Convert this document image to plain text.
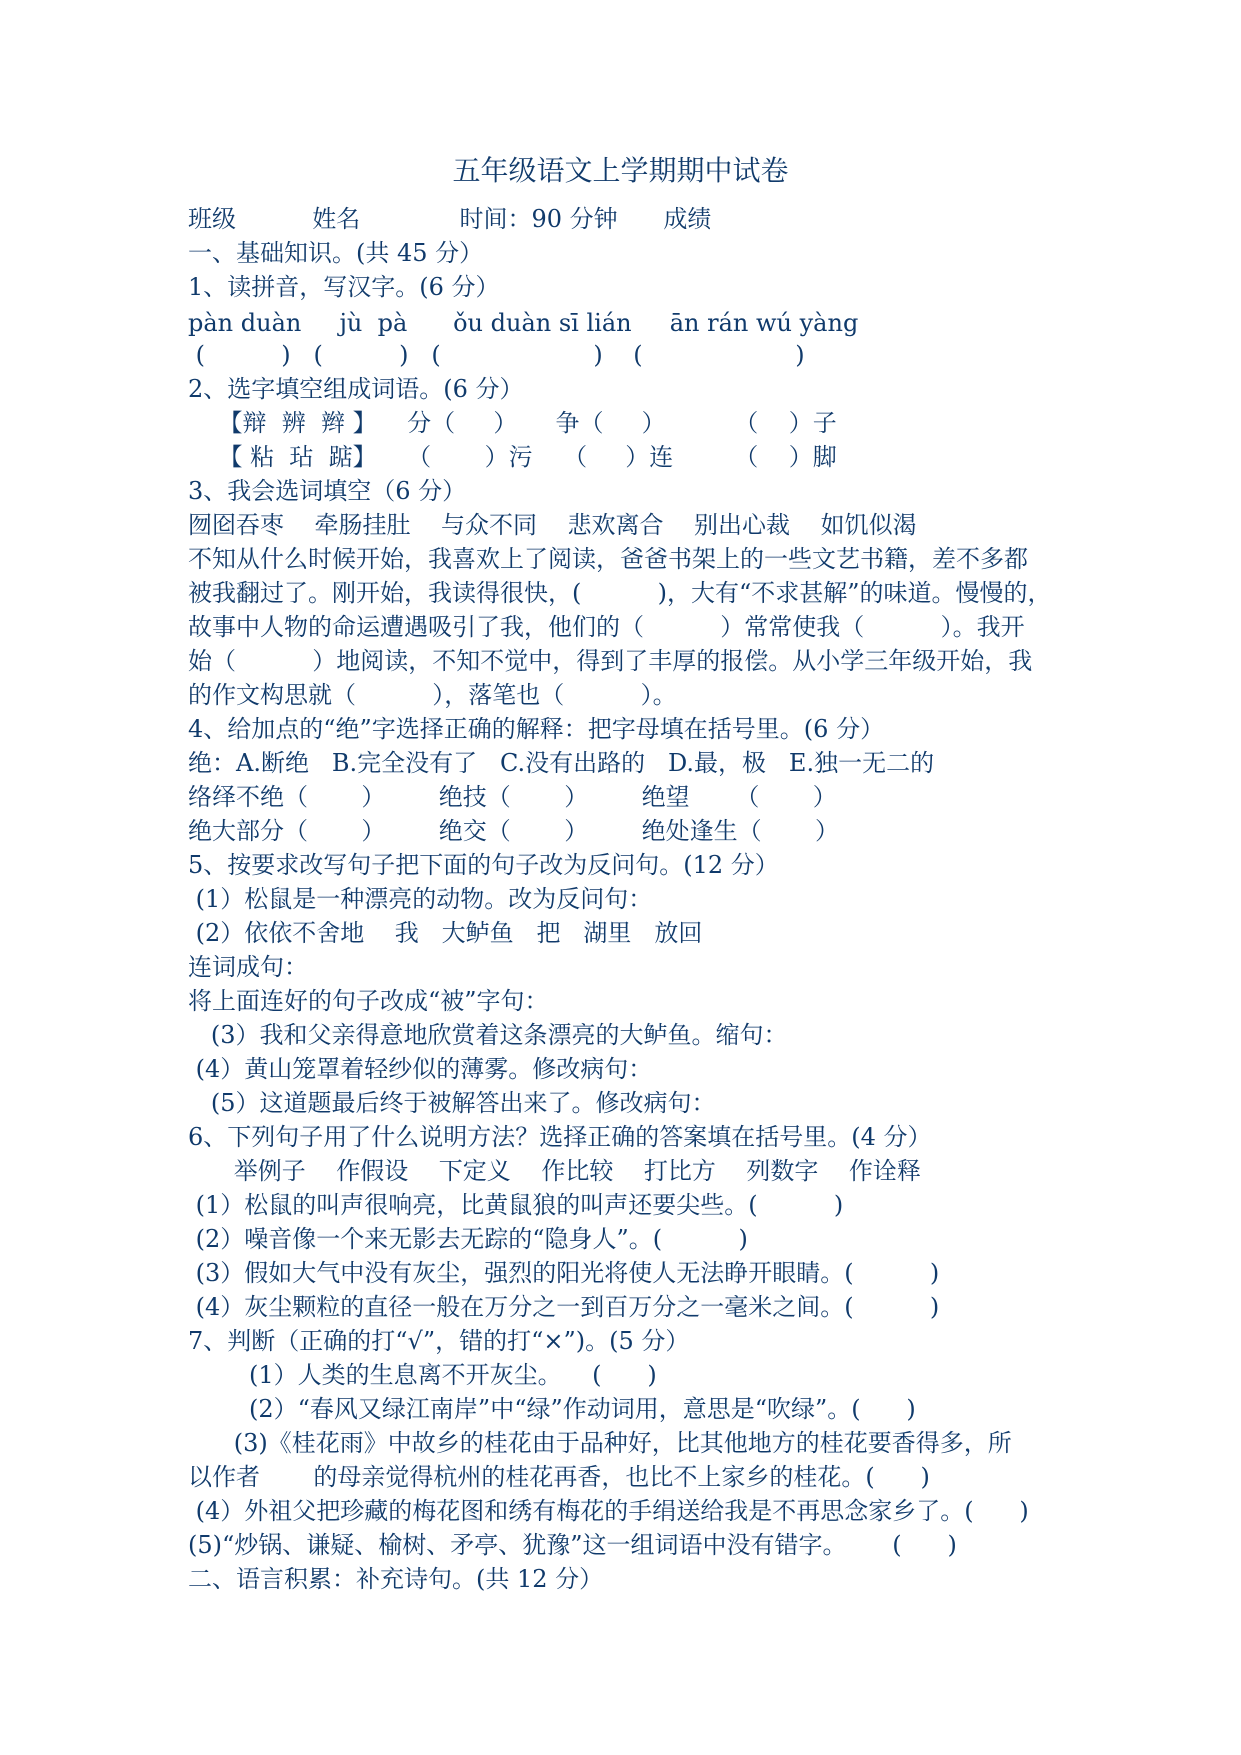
五年级语文上学期期中试卷
班级          姓名             时间：90 分钟      成绩
一、基础知识。(共 45 分）
1、读拼音，写汉字。(6 分）
pàn duàn     jù  pà      ǒu duàn sī lián     ān rán wú yàng
(          )   (          )   (                    )    (                    )
2、选字填空组成词语。(6 分）
【辩  辨  辫 】    分（     ）     争（     ）         （    ）子
【 粘  玷  踮】    （       ）污    （     ）连        （    ）脚
3、我会选词填空（6 分）
囫囵吞枣    牵肠挂肚    与众不同    悲欢离合    别出心裁    如饥似渴
不知从什么时候开始，我喜欢上了阅读，爸爸书架上的一些文艺书籍，差不多都
被我翻过了。刚开始，我读得很快，(          )，大有“不求甚解”的味道。慢慢的，
故事中人物的命运遭遇吸引了我，他们的（          ）常常使我（          ）。我开
始（          ）地阅读，不知不觉中，得到了丰厚的报偿。从小学三年级开始，我
的作文构思就（          ），落笔也（          ）。
4、给加点的“绝”字选择正确的解释：把字母填在括号里。(6 分）
绝：A.断绝   B.完全没有了   C.没有出路的   D.最，极   E.独一无二的
络绎不绝（       ）       绝技（       ）       绝望      （       ）
绝大部分（       ）       绝交（       ）       绝处逢生（       ）
5、按要求改写句子把下面的句子改为反问句。(12 分）
(1）松鼠是一种漂亮的动物。改为反问句：
(2）依依不舍地    我   大鲈鱼   把   湖里   放回
连词成句：
将上面连好的句子改成“被”字句：
(3）我和父亲得意地欣赏着这条漂亮的大鲈鱼。缩句：
(4）黄山笼罩着轻纱似的薄雾。修改病句：
(5）这道题最后终于被解答出来了。修改病句：
6、下列句子用了什么说明方法？选择正确的答案填在括号里。(4 分）
举例子    作假设    下定义    作比较    打比方    列数字    作诠释
(1）松鼠的叫声很响亮，比黄鼠狼的叫声还要尖些。(          )
(2）噪音像一个来无影去无踪的“隐身人”。(          )
(3）假如大气中没有灰尘，强烈的阳光将使人无法睁开眼睛。(          )
(4）灰尘颗粒的直径一般在万分之一到百万分之一毫米之间。(          )
7、判断（正确的打“√”，错的打“×”)。(5 分）
(1）人类的生息离不开灰尘。    (      )
(2）“春风又绿江南岸”中“绿”作动词用，意思是“吹绿”。(      )
(3)《桂花雨》中故乡的桂花由于品种好，比其他地方的桂花要香得多，所
以作者       的母亲觉得杭州的桂花再香，也比不上家乡的桂花。(      )
(4）外祖父把珍藏的梅花图和绣有梅花的手绢送给我是不再思念家乡了。(      )
(5)“炒锅、谦疑、榆树、矛亭、犹豫”这一组词语中没有错字。      (      )
二、语言积累：补充诗句。(共 12 分）
